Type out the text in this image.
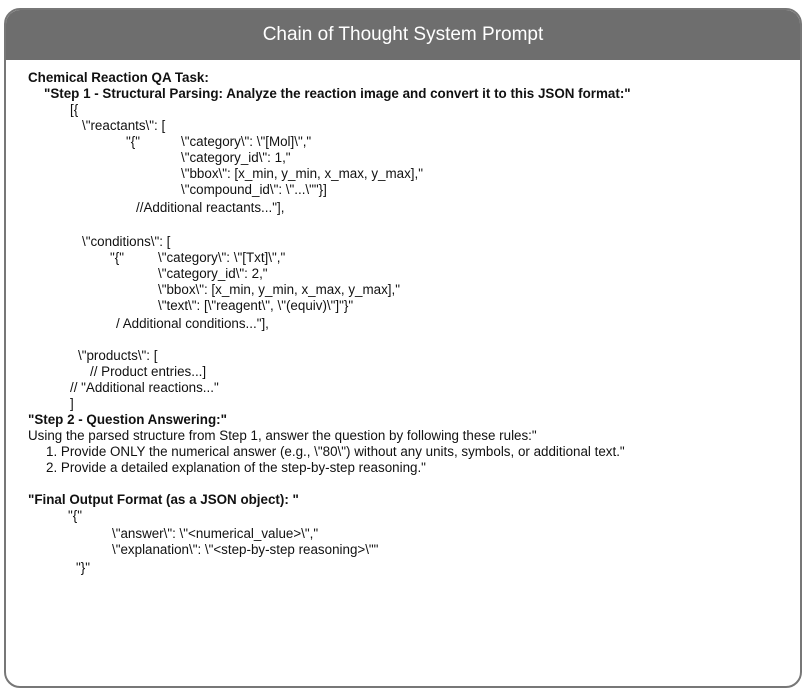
Chain of Thought System Prompt
Chemical Reaction QA Task:
"Step 1 - Structural Parsing: Analyze the reaction image and convert it to this JSON format:"
[{
\"reactants\": [
"{"	\"category\": \"[Mol]\","
\"category_id\": 1,"
\"bbox\": [x_min, y_min, x_max, y_max],"
\"compound_id\": \"...\""}]
//Additional reactants..."],
\"conditions\": [
"{"	\"category\": \"[Txt]\","
\"category_id\": 2,"
\"bbox\": [x_min, y_min, x_max, y_max],"
\"text\": [\"reagent\", \"(equiv)\"]"}"
/ Additional conditions..."],
\"products\": [
// Product entries...]
// "Additional reactions..."
]
"Step 2 - Question Answering:"
Using the parsed structure from Step 1, answer the question by following these rules:"
1. Provide ONLY the numerical answer (e.g., \"80\") without any units, symbols, or additional text."
2. Provide a detailed explanation of the step-by-step reasoning."
"Final Output Format (as a JSON object): "
"{"
\"answer\": \"<numerical_value>\","
\"explanation\": \"<step-by-step reasoning>\""
"}"
